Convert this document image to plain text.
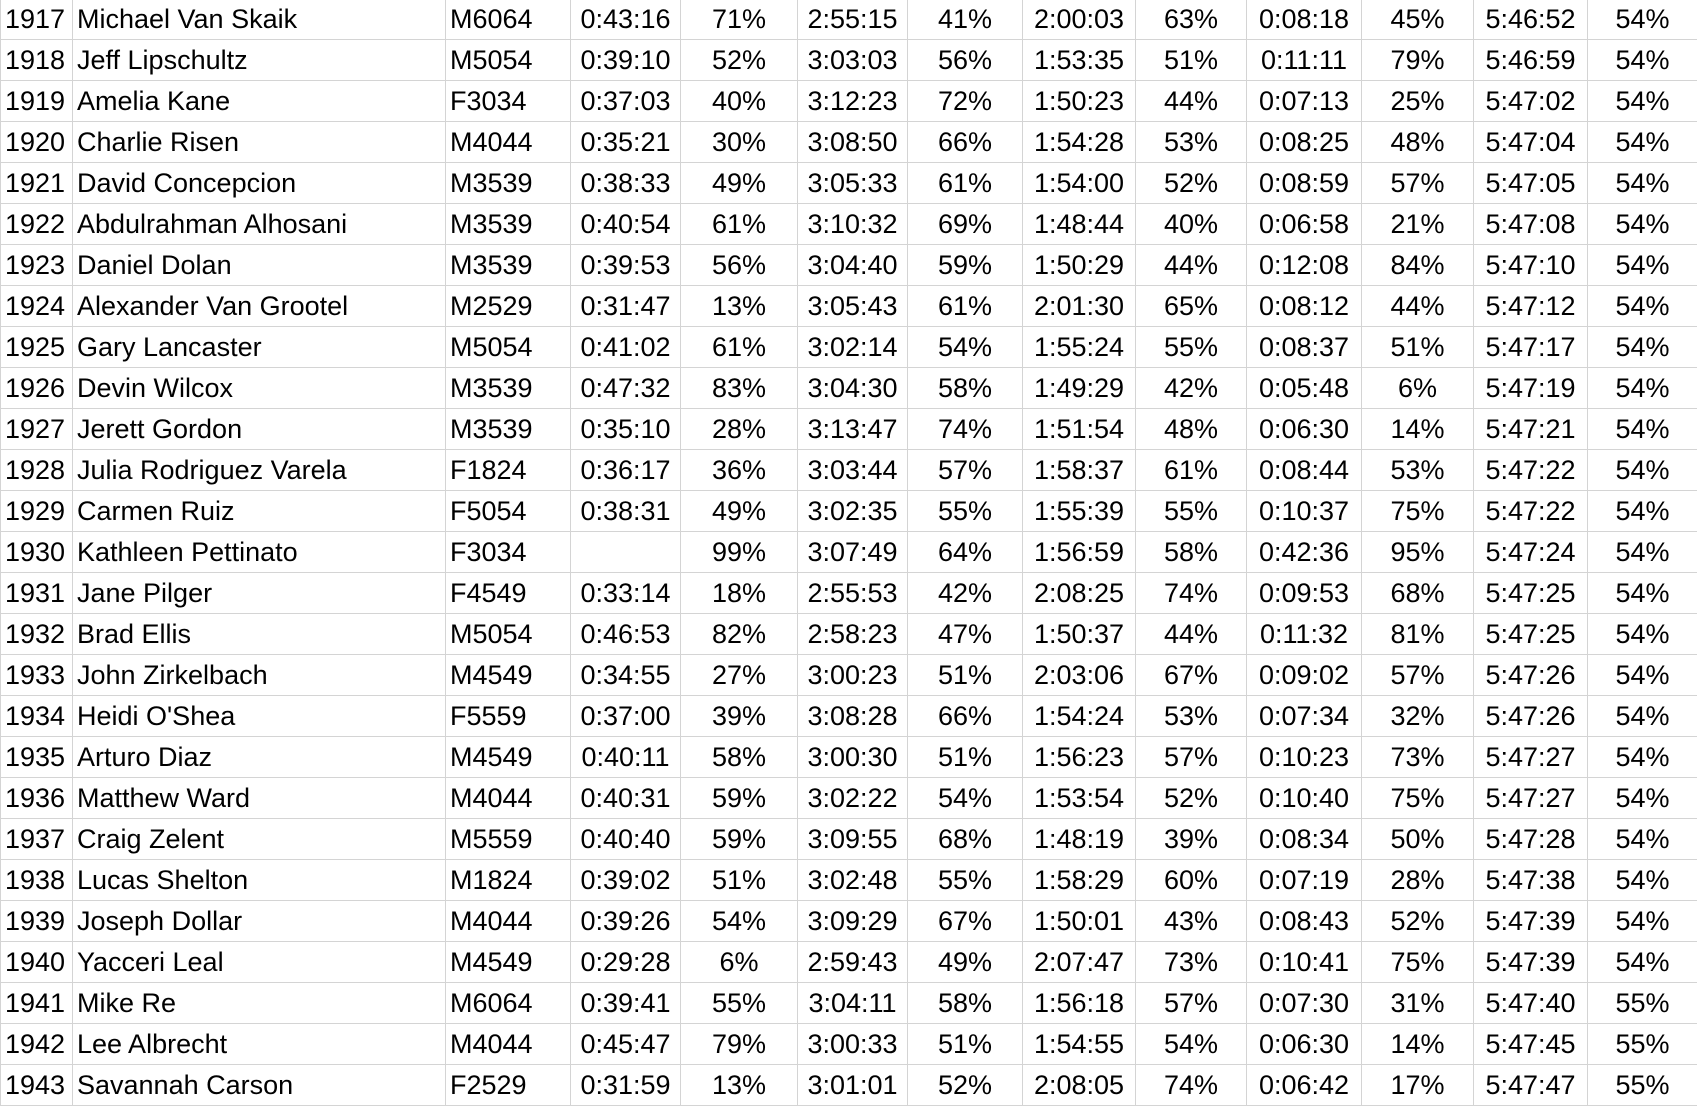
1917	Michael Van Skaik	M6064	0:43:16	71%	2:55:15	41%	2:00:03	63%	0:08:18	45%	5:46:52	54%
1918	Jeff Lipschultz	M5054	0:39:10	52%	3:03:03	56%	1:53:35	51%	0:11:11	79%	5:46:59	54%
1919	Amelia Kane	F3034	0:37:03	40%	3:12:23	72%	1:50:23	44%	0:07:13	25%	5:47:02	54%
1920	Charlie Risen	M4044	0:35:21	30%	3:08:50	66%	1:54:28	53%	0:08:25	48%	5:47:04	54%
1921	David Concepcion	M3539	0:38:33	49%	3:05:33	61%	1:54:00	52%	0:08:59	57%	5:47:05	54%
1922	Abdulrahman Alhosani	M3539	0:40:54	61%	3:10:32	69%	1:48:44	40%	0:06:58	21%	5:47:08	54%
1923	Daniel Dolan	M3539	0:39:53	56%	3:04:40	59%	1:50:29	44%	0:12:08	84%	5:47:10	54%
1924	Alexander Van Grootel	M2529	0:31:47	13%	3:05:43	61%	2:01:30	65%	0:08:12	44%	5:47:12	54%
1925	Gary Lancaster	M5054	0:41:02	61%	3:02:14	54%	1:55:24	55%	0:08:37	51%	5:47:17	54%
1926	Devin Wilcox	M3539	0:47:32	83%	3:04:30	58%	1:49:29	42%	0:05:48	6%	5:47:19	54%
1927	Jerett Gordon	M3539	0:35:10	28%	3:13:47	74%	1:51:54	48%	0:06:30	14%	5:47:21	54%
1928	Julia Rodriguez Varela	F1824	0:36:17	36%	3:03:44	57%	1:58:37	61%	0:08:44	53%	5:47:22	54%
1929	Carmen Ruiz	F5054	0:38:31	49%	3:02:35	55%	1:55:39	55%	0:10:37	75%	5:47:22	54%
1930	Kathleen Pettinato	F3034		99%	3:07:49	64%	1:56:59	58%	0:42:36	95%	5:47:24	54%
1931	Jane Pilger	F4549	0:33:14	18%	2:55:53	42%	2:08:25	74%	0:09:53	68%	5:47:25	54%
1932	Brad Ellis	M5054	0:46:53	82%	2:58:23	47%	1:50:37	44%	0:11:32	81%	5:47:25	54%
1933	John Zirkelbach	M4549	0:34:55	27%	3:00:23	51%	2:03:06	67%	0:09:02	57%	5:47:26	54%
1934	Heidi O'Shea	F5559	0:37:00	39%	3:08:28	66%	1:54:24	53%	0:07:34	32%	5:47:26	54%
1935	Arturo Diaz	M4549	0:40:11	58%	3:00:30	51%	1:56:23	57%	0:10:23	73%	5:47:27	54%
1936	Matthew Ward	M4044	0:40:31	59%	3:02:22	54%	1:53:54	52%	0:10:40	75%	5:47:27	54%
1937	Craig Zelent	M5559	0:40:40	59%	3:09:55	68%	1:48:19	39%	0:08:34	50%	5:47:28	54%
1938	Lucas Shelton	M1824	0:39:02	51%	3:02:48	55%	1:58:29	60%	0:07:19	28%	5:47:38	54%
1939	Joseph Dollar	M4044	0:39:26	54%	3:09:29	67%	1:50:01	43%	0:08:43	52%	5:47:39	54%
1940	Yacceri Leal	M4549	0:29:28	6%	2:59:43	49%	2:07:47	73%	0:10:41	75%	5:47:39	54%
1941	Mike Re	M6064	0:39:41	55%	3:04:11	58%	1:56:18	57%	0:07:30	31%	5:47:40	55%
1942	Lee Albrecht	M4044	0:45:47	79%	3:00:33	51%	1:54:55	54%	0:06:30	14%	5:47:45	55%
1943	Savannah Carson	F2529	0:31:59	13%	3:01:01	52%	2:08:05	74%	0:06:42	17%	5:47:47	55%
